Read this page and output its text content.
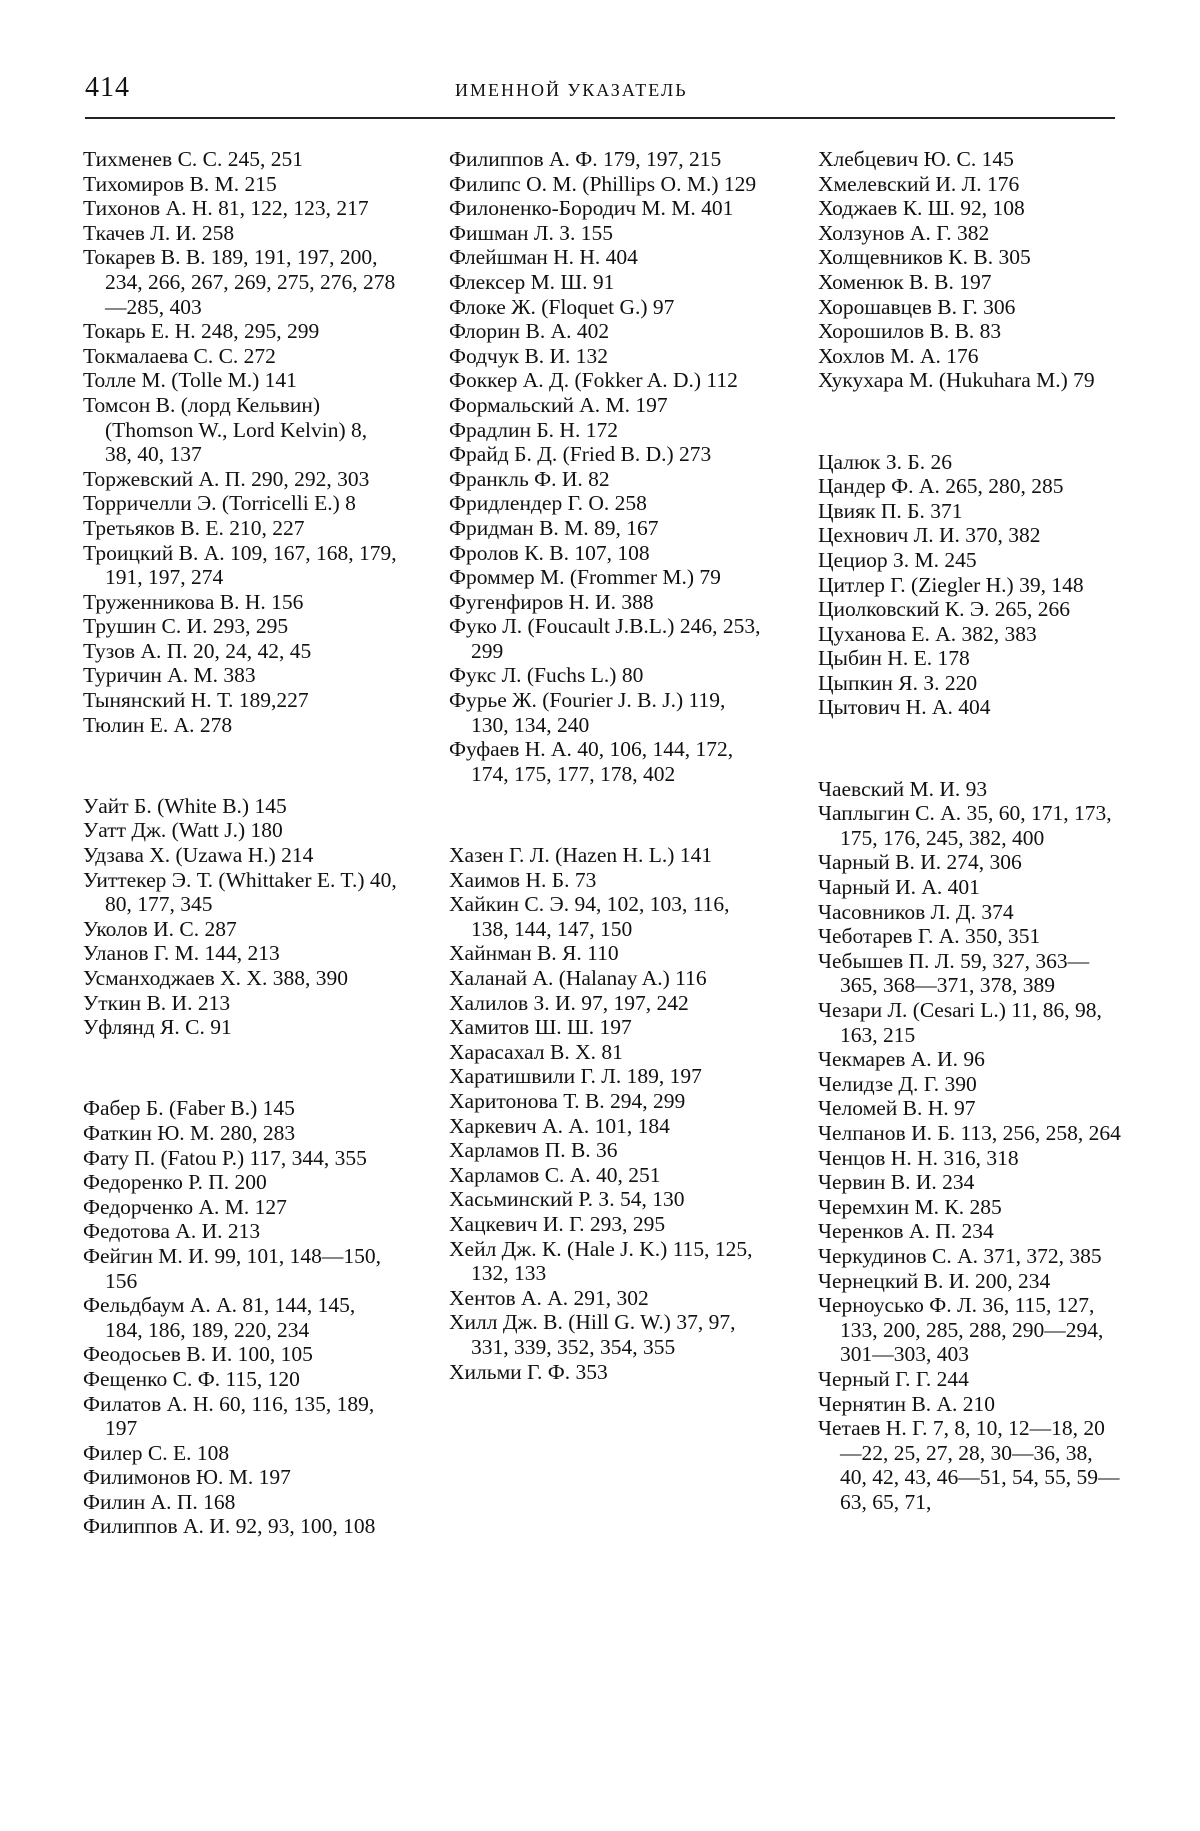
414	ИМЕННОЙ УКАЗАТЕЛЬ

Тихменев С. С. 245, 251

Тихомиров В. М. 215

Тихонов А. Н. 81, 122, 123, 217

Ткачев Л. И. 258

Токарев В. В. 189, 191, 197, 200, 234, 266, 267, 269, 275, 276, 278—285, 403

Токарь Е. Н. 248, 295, 299

Токмалаева С. С. 272

Толле М. (Tolle M.) 141

Томсон В. (лорд Кельвин) (Thomson W., Lord Kelvin) 8, 38, 40, 137

Торжевский А. П. 290, 292, 303

Торричелли Э. (Torricelli E.) 8

Третьяков В. Е. 210, 227

Троицкий В. А. 109, 167, 168, 179, 191, 197, 274

Труженникова В. Н. 156

Трушин С. И. 293, 295

Тузов А. П. 20, 24, 42, 45

Туричин А. М. 383

Тынянский Н. Т. 189,227

Тюлин Е. А. 278

Уайт Б. (White B.) 145

Уатт Дж. (Watt J.) 180

Удзава Х. (Uzawa H.) 214

Уиттекер Э. Т. (Whittaker E. T.) 40, 80, 177, 345

Уколов И. С. 287

Уланов Г. М. 144, 213

Усманходжаев Х. Х. 388, 390

Уткин В. И. 213

Уфлянд Я. С. 91

Фабер Б. (Faber B.) 145

Фаткин Ю. М. 280, 283

Фату П. (Fatou P.) 117, 344, 355

Федоренко Р. П. 200

Федорченко А. М. 127

Федотова А. И. 213

Фейгин М. И. 99, 101, 148—150, 156

Фельдбаум А. А. 81, 144, 145, 184, 186, 189, 220, 234

Феодосьев В. И. 100, 105

Фещенко С. Ф. 115, 120

Филатов А. Н. 60, 116, 135, 189, 197

Филер С. Е. 108

Филимонов Ю. М. 197

Филин А. П. 168

Филиппов А. И. 92, 93, 100, 108

Филиппов А. Ф. 179, 197, 215

Филипс О. М. (Phillips O. M.) 129

Филоненко-Бородич М. М. 401

Фишман Л. З. 155

Флейшман Н. Н. 404

Флексер М. Ш. 91

Флоке Ж. (Floquet G.) 97

Флорин В. А. 402

Фодчук В. И. 132

Фоккер А. Д. (Fokker A. D.) 112

Формальский А. М. 197

Фрадлин Б. Н. 172

Фрайд Б. Д. (Fried B. D.) 273

Франкль Ф. И. 82

Фридлендер Г. О. 258

Фридман В. М. 89, 167

Фролов К. В. 107, 108

Фроммер М. (Frommer M.) 79

Фугенфиров Н. И. 388

Фуко Л. (Foucault J.B.L.) 246, 253, 299

Фукс Л. (Fuchs L.) 80

Фурье Ж. (Fourier J. B. J.) 119, 130, 134, 240

Фуфаев Н. А. 40, 106, 144, 172, 174, 175, 177, 178, 402

Хазен Г. Л. (Hazen H. L.) 141

Хаимов Н. Б. 73

Хайкин С. Э. 94, 102, 103, 116, 138, 144, 147, 150

Хайнман В. Я. 110

Халанай А. (Halanay A.) 116

Халилов З. И. 97, 197, 242

Хамитов Ш. Ш. 197

Харасахал В. Х. 81

Харатишвили Г. Л. 189, 197

Харитонова Т. В. 294, 299

Харкевич А. А. 101, 184

Харламов П. В. 36

Харламов С. А. 40, 251

Хасьминский Р. З. 54, 130

Хацкевич И. Г. 293, 295

Хейл Дж. К. (Hale J. K.) 115, 125, 132, 133

Хентов А. А. 291, 302

Хилл Дж. В. (Hill G. W.) 37, 97, 331, 339, 352, 354, 355

Хильми Г. Ф. 353

Хлебцевич Ю. С. 145

Хмелевский И. Л. 176

Ходжаев К. Ш. 92, 108

Холзунов А. Г. 382

Холщевников К. В. 305

Хоменюк В. В. 197

Хорошавцев В. Г. 306

Хорошилов В. В. 83

Хохлов М. А. 176

Хукухара М. (Hukuhara M.) 79

Цалюк З. Б. 26

Цандер Ф. А. 265, 280, 285

Цвияк П. Б. 371

Цехнович Л. И. 370, 382

Цециор З. М. 245

Цитлер Г. (Ziegler H.) 39, 148

Циолковский К. Э. 265, 266

Цуханова Е. А. 382, 383

Цыбин Н. Е. 178

Цыпкин Я. З. 220

Цытович Н. А. 404

Чаевский М. И. 93

Чаплыгин С. А. 35, 60, 171, 173, 175, 176, 245, 382, 400

Чарный В. И. 274, 306

Чарный И. А. 401

Часовников Л. Д. 374

Чеботарев Г. А. 350, 351

Чебышев П. Л. 59, 327, 363—365, 368—371, 378, 389

Чезари Л. (Cesari L.) 11, 86, 98, 163, 215

Чекмарев А. И. 96

Челидзе Д. Г. 390

Челомей В. Н. 97

Челпанов И. Б. 113, 256, 258, 264

Ченцов Н. Н. 316, 318

Червин В. И. 234

Черемхин М. К. 285

Черенков А. П. 234

Черкудинов С. А. 371, 372, 385

Чернецкий В. И. 200, 234

Черноусько Ф. Л. 36, 115, 127, 133, 200, 285, 288, 290—294, 301—303, 403

Черный Г. Г. 244

Чернятин В. А. 210

Четаев Н. Г. 7, 8, 10, 12—18, 20—22, 25, 27, 28, 30—36, 38, 40, 42, 43, 46—51, 54, 55, 59—63, 65, 71,
